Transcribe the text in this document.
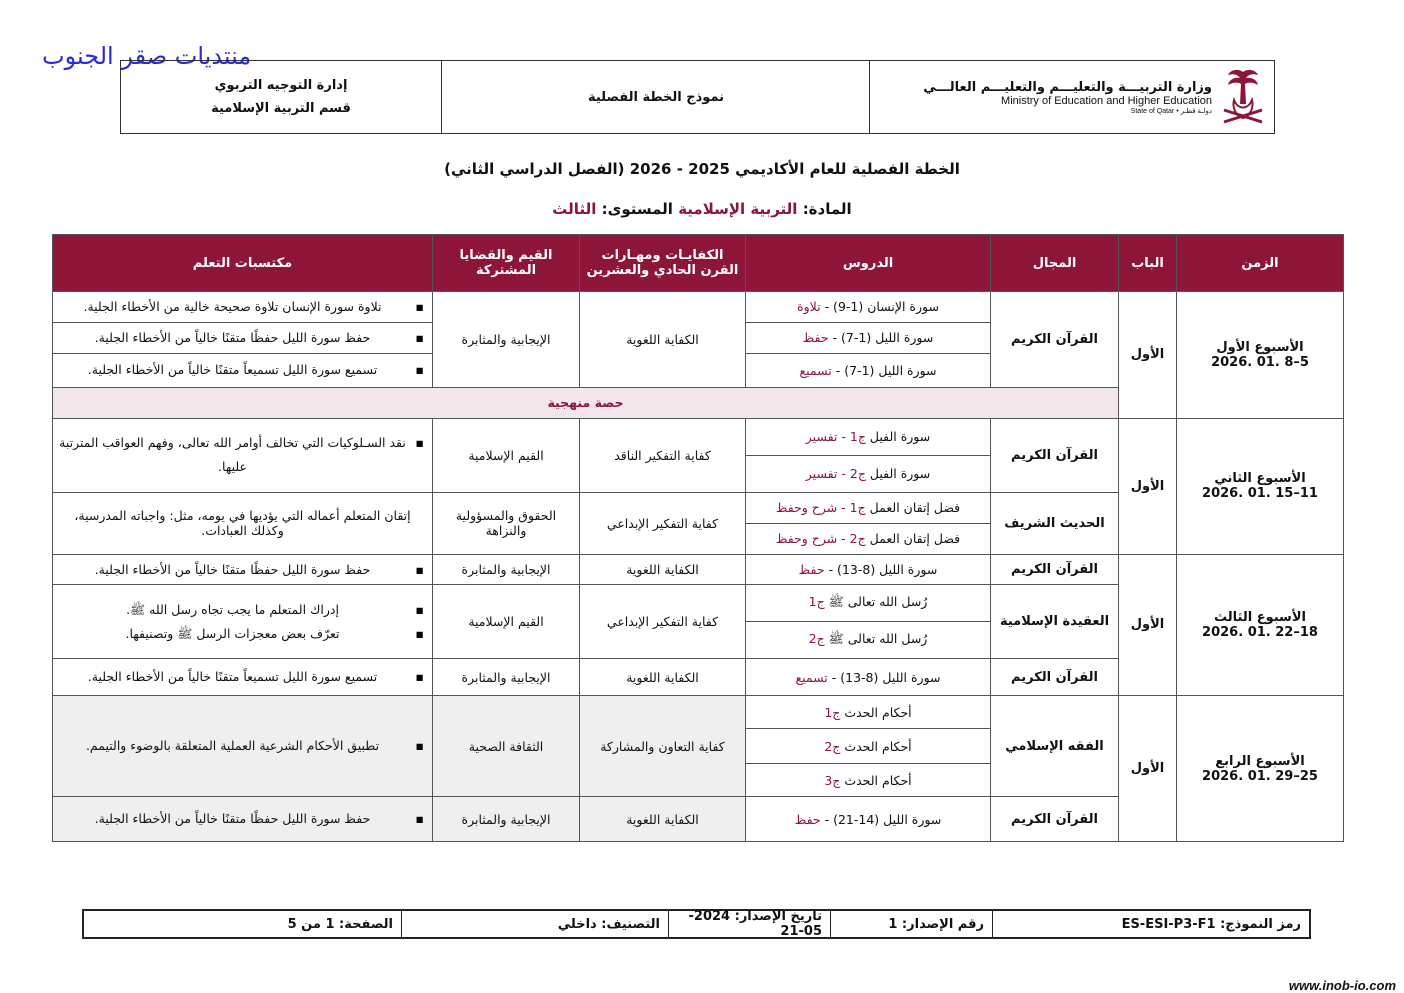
منتديات صقر الجنوب
إدارة التوجيه التربوي
قسم التربية الإسلامية
نموذج الخطة الفصلية
وزارة التربيـــة والتعليـــم والتعليـــم العالـــي
Ministry of Education and Higher Education
State of Qatar • دولـة قطـر
الخطة الفصلية للعام الأكاديمي 2025 - 2026 (الفصل الدراسي الثاني)
المادة: التربية الإسلامية المستوى: الثالث
الزمن	الباب	المجال	الدروس	الكفايـات ومهـارات القرن الحادي والعشرين	القيم والقضايا المشتركة	مكتسبات التعلم

الأسبوع الأول
5–8 .01 .2026	الأول	القرآن الكريم	سورة الإنسان (1-9) - تلاوة	الكفاية اللغوية	الإيجابية والمثابرة	▪ تلاوة سورة الإنسان تلاوة صحيحة خالية من الأخطاء الجلية.

			سورة الليل (1-7) - حفظ			▪ حفظ سورة الليل حفظًا متقنًا خالياً من الأخطاء الجلية.

			سورة الليل (1-7) - تسميع			▪ تسميع سورة الليل تسميعاً متقنًا خالياً من الأخطاء الجلية.

		حصة منهجية				

الأسبوع الثاني
11–15 .01 .2026	الأول	القرآن الكريم	سورة الفيل ج1 - تفسير	كفاية التفكير الناقد	القيم الإسلامية	▪ نقد السـلوكيات التي تخالف أوامر الله تعالى، وفهم العواقب المترتبة عليها.

			سورة الفيل ج2 - تفسير			
		الحديث الشريف	فضل إتقان العمل ج1 - شرح وحفظ	كفاية التفكير الإبداعي	الحقوق والمسؤولية والنزاهة	إتقان المتعلم أعماله التي يؤديها في يومه، مثل: واجباته المدرسية، وكذلك العبادات.
			فضل إتقان العمل ج2 - شرح وحفظ			

الأسبوع الثالث
18–22 .01 .2026	الأول	القرآن الكريم	سورة الليل (8-13) - حفظ	الكفاية اللغوية	الإيجابية والمثابرة	▪ حفظ سورة الليل حفظًا متقنًا خالياً من الأخطاء الجلية.

		العقيدة الإسلامية	رُسل الله تعالى ﷺ ج1	كفاية التفكير الإبداعي	القيم الإسلامية	▪ إدراك المتعلم ما يجب تجاه رسل الله ﷺ.
▪ تعرّف بعض معجزات الرسل ﷺ وتصنيفها.

			رُسل الله تعالى ﷺ ج2			
		القرآن الكريم	سورة الليل (8-13) - تسميع	الكفاية اللغوية	الإيجابية والمثابرة	▪ تسميع سورة الليل تسميعاً متقنًا خالياً من الأخطاء الجلية.

الأسبوع الرابع
25–29 .01 .2026	الأول	الفقه الإسلامي	أحكام الحدث ج1	كفاية التعاون والمشاركة	الثقافة الصحية	▪ تطبيق الأحكام الشرعية العملية المتعلقة بالوضوء والتيمم.

			أحكام الحدث ج2			
			أحكام الحدث ج3			
		القرآن الكريم	سورة الليل (14-21) - حفظ	الكفاية اللغوية	الإيجابية والمثابرة	▪ حفظ سورة الليل حفظًا متقنًا خالياً من الأخطاء الجلية.
رمز النموذج: ES-ESI-P3-F1
رقم الإصدار: 1
تاريخ الإصدار: 2024-05-21
التصنيف: داخلي
الصفحة: 1 من 5
www.inob-io.com
